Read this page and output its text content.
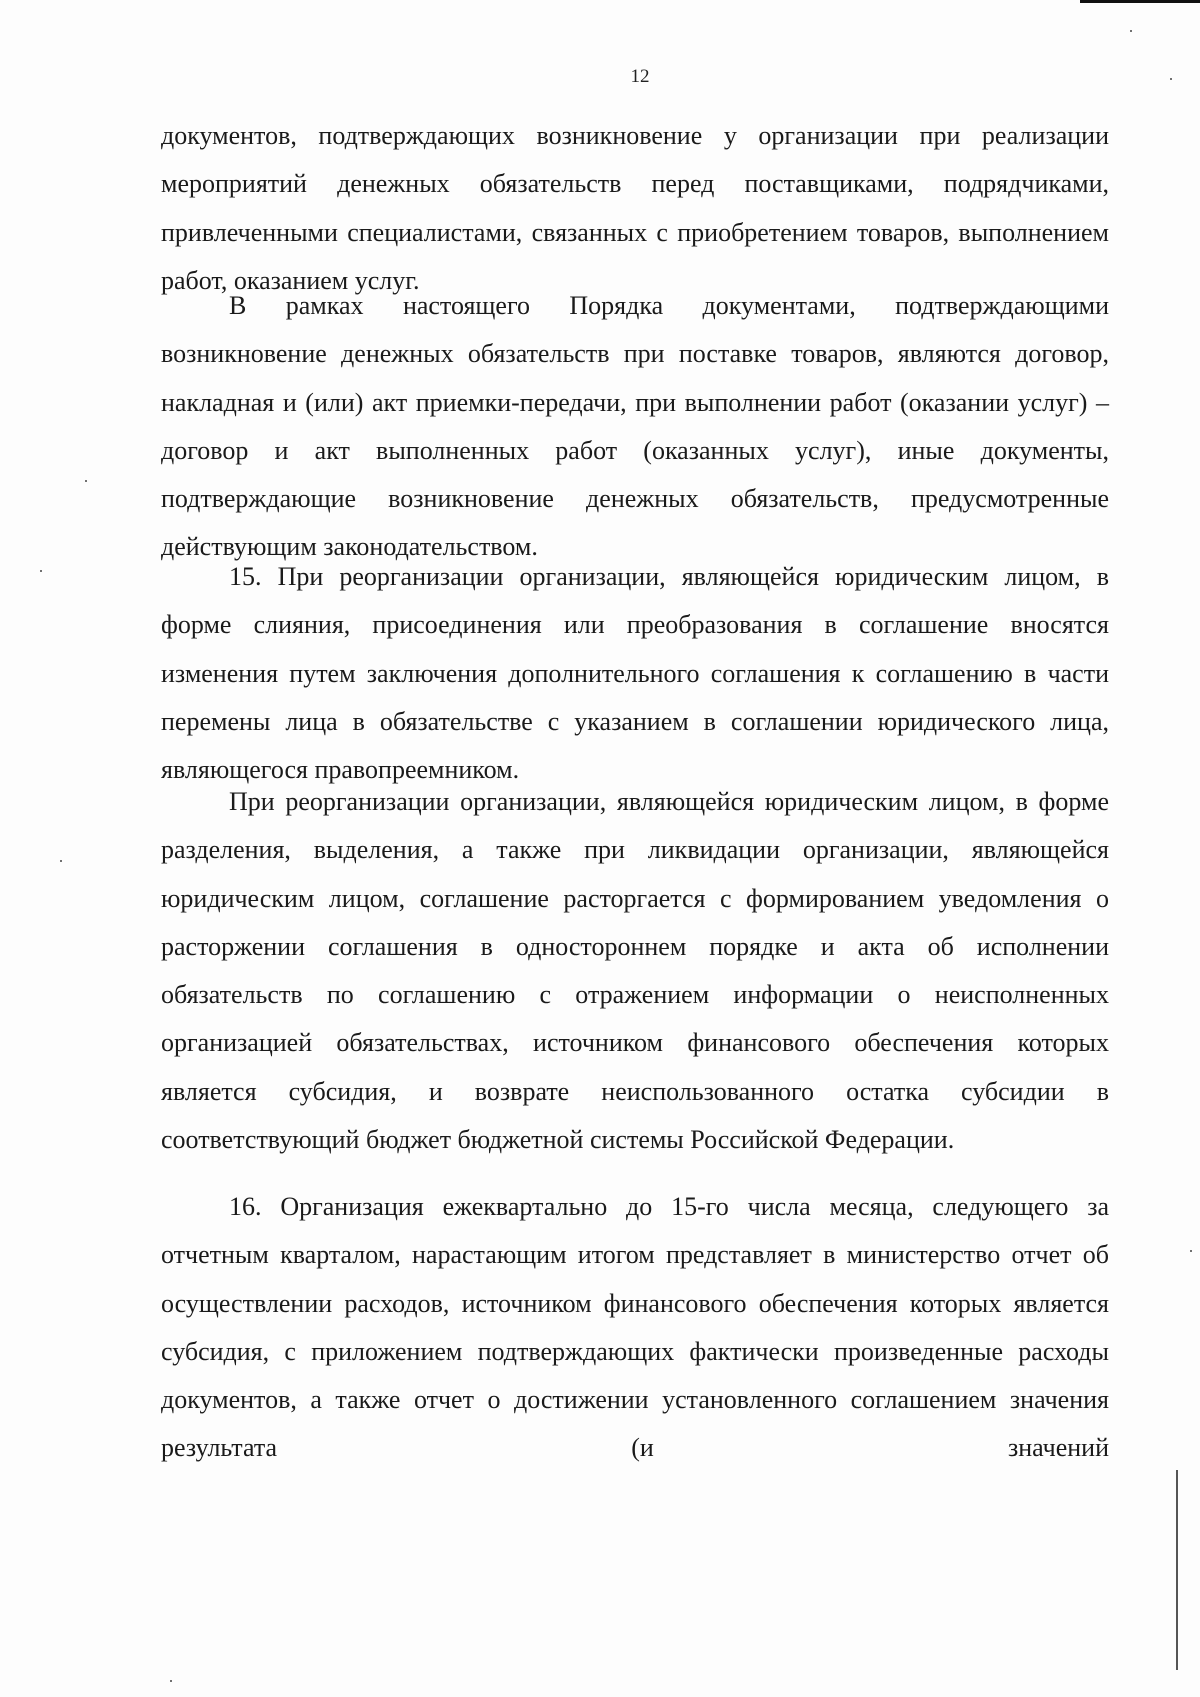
12

документов, подтверждающих возникновение у организации при реализации мероприятий денежных обязательств перед поставщиками, подрядчиками, привлеченными специалистами, связанных с приобретением товаров, выполнением работ, оказанием услуг.

В рамках настоящего Порядка документами, подтверждающими возникновение денежных обязательств при поставке товаров, являются договор, накладная и (или) акт приемки-передачи, при выполнении работ (оказании услуг) – договор и акт выполненных работ (оказанных услуг), иные документы, подтверждающие возникновение денежных обязательств, предусмотренные действующим законодательством.

15. При реорганизации организации, являющейся юридическим лицом, в форме слияния, присоединения или преобразования в соглашение вносятся изменения путем заключения дополнительного соглашения к соглашению в части перемены лица в обязательстве с указанием в соглашении юридического лица, являющегося правопреемником.

При реорганизации организации, являющейся юридическим лицом, в форме разделения, выделения, а также при ликвидации организации, являющейся юридическим лицом, соглашение расторгается с формированием уведомления о расторжении соглашения в одностороннем порядке и акта об исполнении обязательств по соглашению с отражением информации о неисполненных организацией обязательствах, источником финансового обеспечения которых является субсидия, и возврате неиспользованного остатка субсидии в соответствующий бюджет бюджетной системы Российской Федерации.

16. Организация ежеквартально до 15-го числа месяца, следующего за отчетным кварталом, нарастающим итогом представляет в министерство отчет об осуществлении расходов, источником финансового обеспечения которых является субсидия, с приложением подтверждающих фактически произведенные расходы документов, а также отчет о достижении установленного соглашением значения результата (и значений
